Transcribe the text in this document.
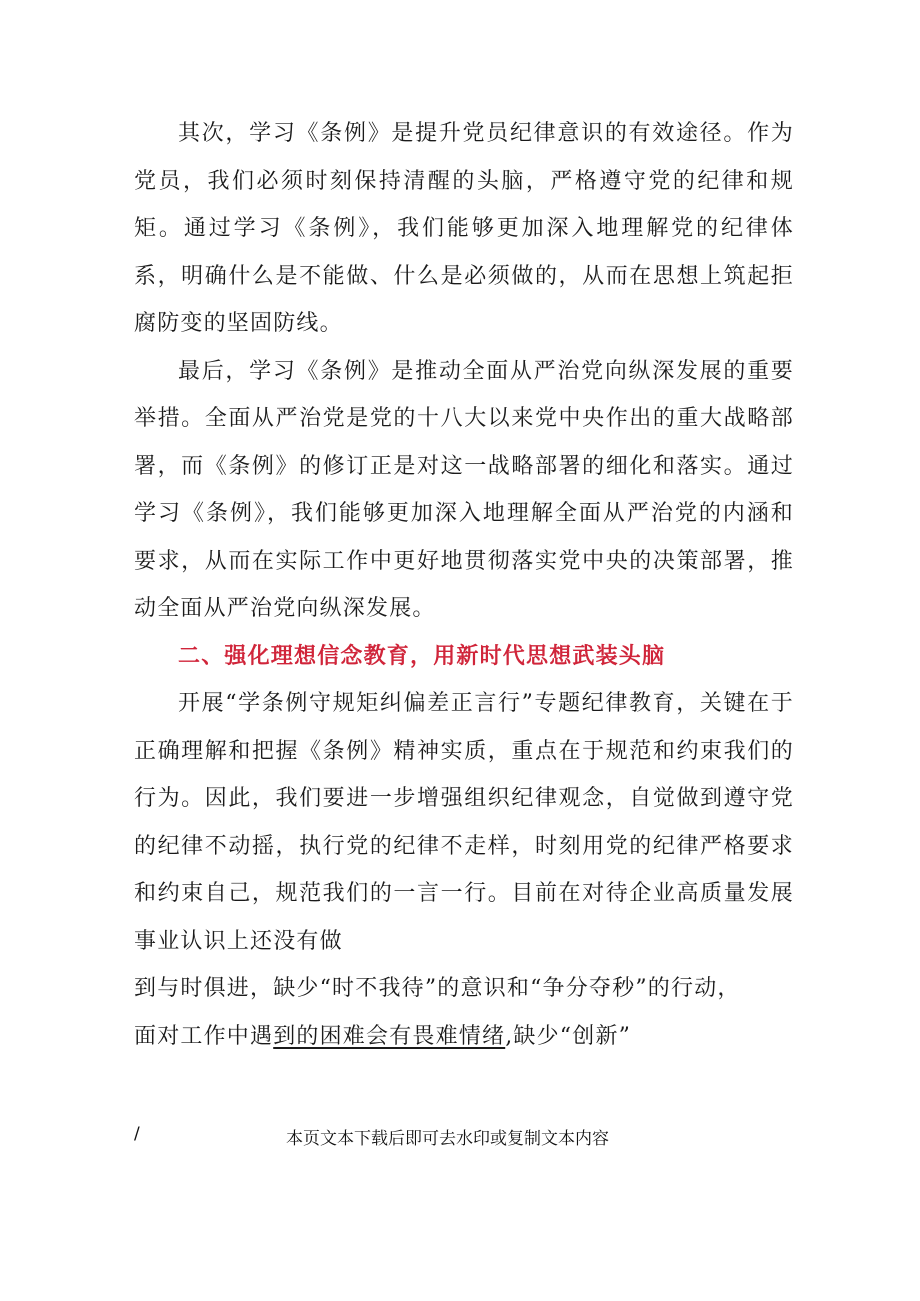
其次，学习《条例》是提升党员纪律意识的有效途径。作为党员，我们必须时刻保持清醒的头脑，严格遵守党的纪律和规矩。通过学习《条例》，我们能够更加深入地理解党的纪律体系，明确什么是不能做、什么是必须做的，从而在思想上筑起拒腐防变的坚固防线。

最后，学习《条例》是推动全面从严治党向纵深发展的重要举措。全面从严治党是党的十八大以来党中央作出的重大战略部署，而《条例》的修订正是对这一战略部署的细化和落实。通过学习《条例》，我们能够更加深入地理解全面从严治党的内涵和要求，从而在实际工作中更好地贯彻落实党中央的决策部署，推动全面从严治党向纵深发展。

二、强化理想信念教育，用新时代思想武装头脑

开展“学条例守规矩纠偏差正言行”专题纪律教育，关键在于正确理解和把握《条例》精神实质，重点在于规范和约束我们的行为。因此，我们要进一步增强组织纪律观念，自觉做到遵守党的纪律不动摇，执行党的纪律不走样，时刻用党的纪律严格要求和约束自己，规范我们的一言一行。目前在对待企业高质量发展事业认识上还没有做

到与时俱进，缺少“时不我待”的意识和“争分夺秒”的行动，

面对工作中遇到的困难会有畏难情绪,缺少“创新”

/	本页文本下载后即可去水印或复制文本内容
